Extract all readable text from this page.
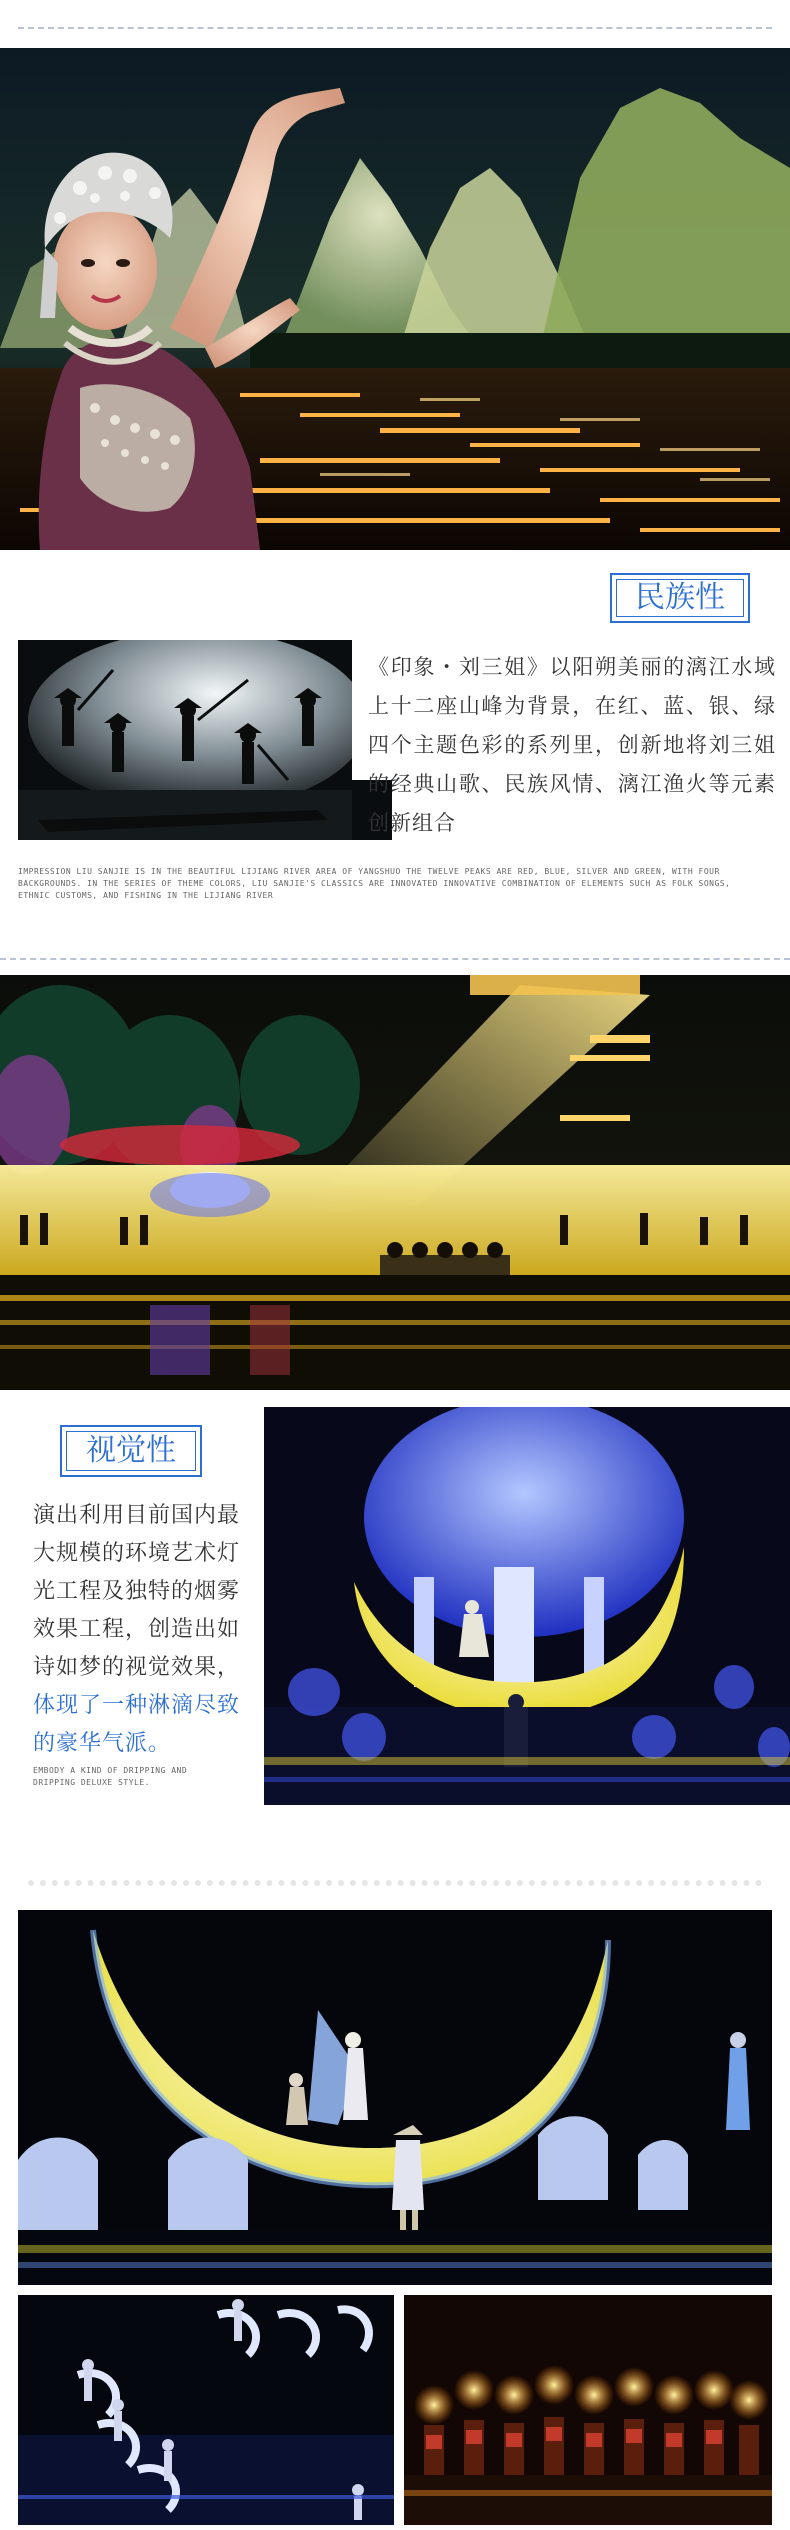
民族性
《印象・刘三姐》以阳朔美丽的漓江水域上十二座山峰为背景，在红、蓝、银、绿四个主题色彩的系列里，创新地将刘三姐的经典山歌、民族风情、漓江渔火等元素创新组合
IMPRESSION LIU SANJIE IS IN THE BEAUTIFUL LIJIANG RIVER AREA OF YANGSHUO THE TWELVE PEAKS ARE RED, BLUE, SILVER AND GREEN, WITH FOUR BACKGROUNDS. IN THE SERIES OF THEME COLORS, LIU SANJIE'S CLASSICS ARE INNOVATED INNOVATIVE COMBINATION OF ELEMENTS SUCH AS FOLK SONGS, ETHNIC CUSTOMS, AND FISHING IN THE LIJIANG RIVER
视觉性
演出利用目前国内最大规模的环境艺术灯光工程及独特的烟雾效果工程，创造出如诗如梦的视觉效果，体现了一种淋滴尽致的豪华气派。
EMBODY A KIND OF DRIPPING AND DRIPPING DELUXE STYLE.
